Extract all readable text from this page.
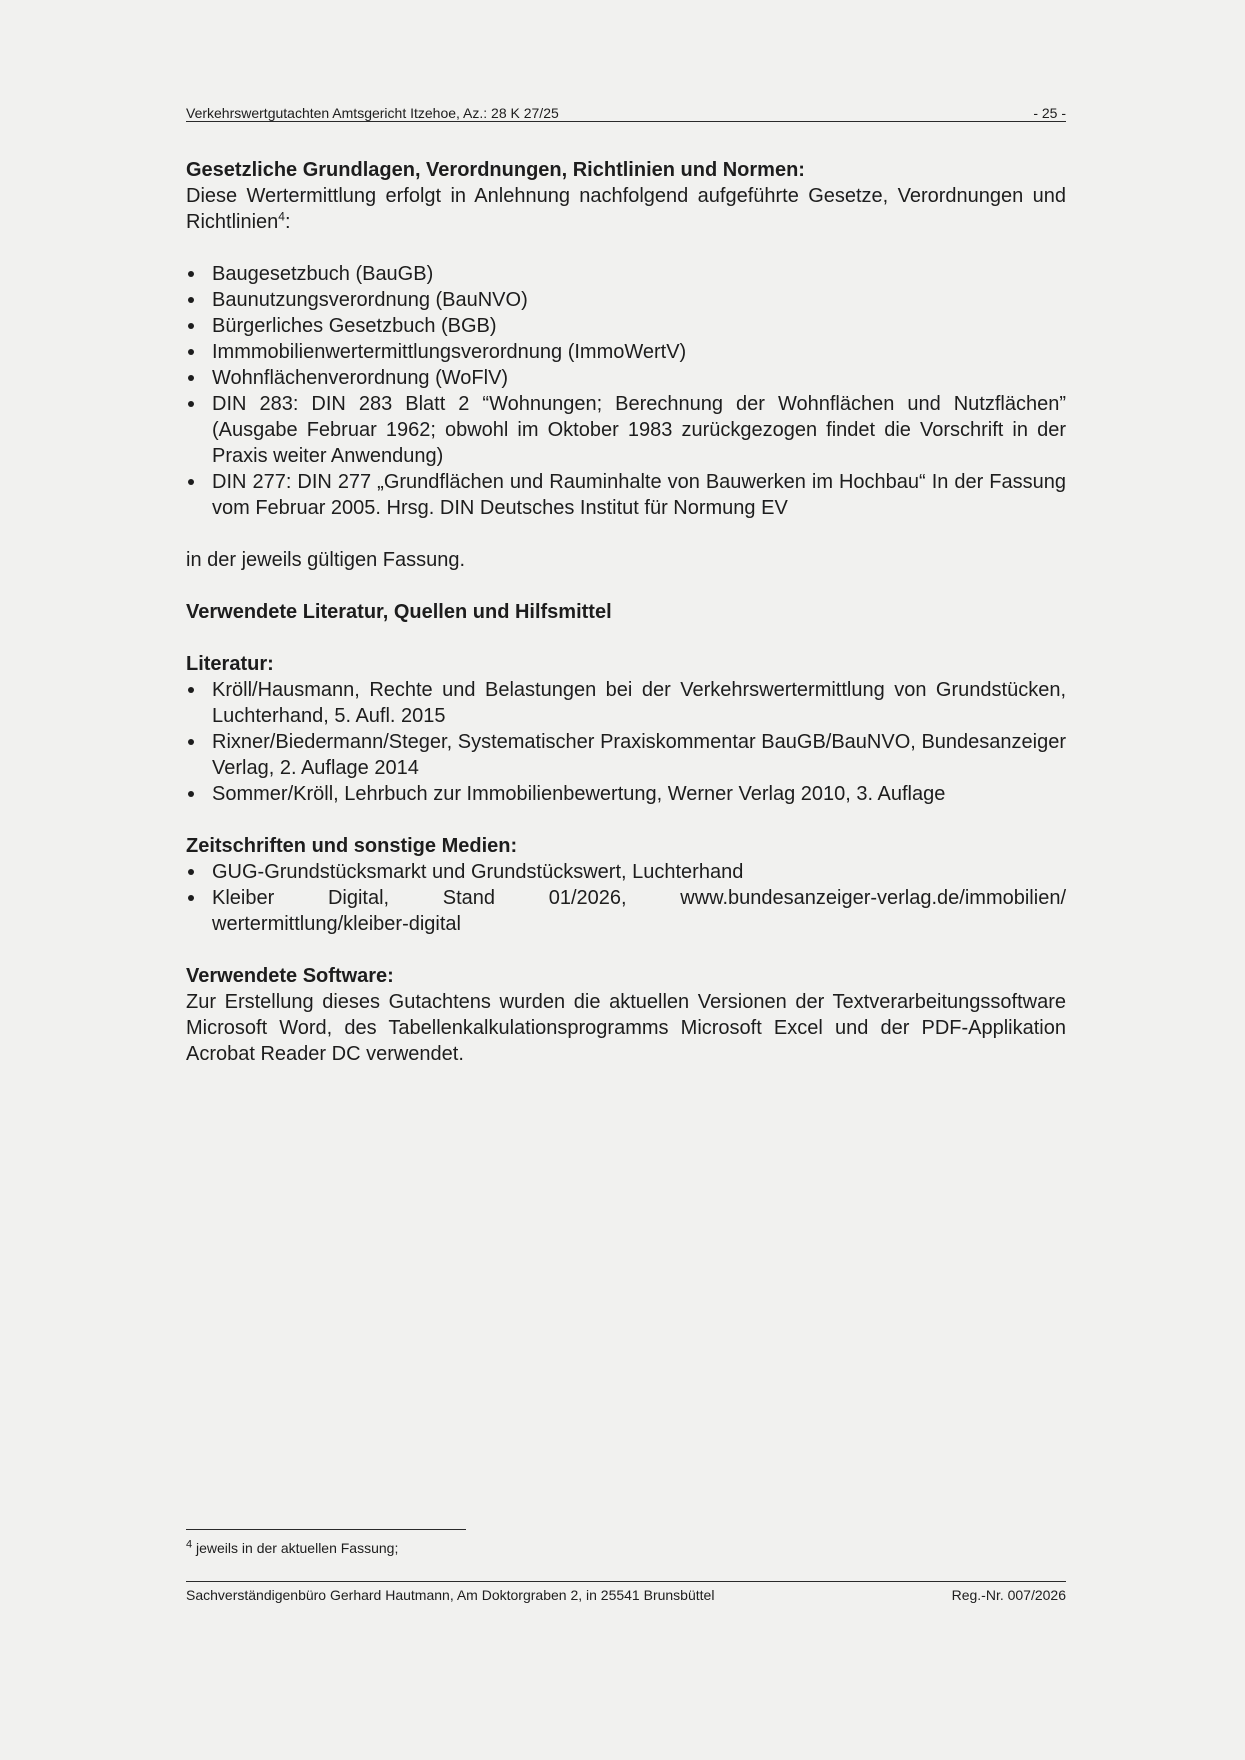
Verkehrswertgutachten Amtsgericht Itzehoe, Az.: 28 K 27/25	- 25 -

Gesetzliche Grundlagen, Verordnungen, Richtlinien und Normen:

Diese Wertermittlung erfolgt in Anlehnung nachfolgend aufgeführte Gesetze, Verordnungen und Richtlinien$^4$:

Baugesetzbuch (BauGB)
Baunutzungsverordnung (BauNVO)
Bürgerliches Gesetzbuch (BGB)
Immmobilienwertermittlungsverordnung (ImmoWertV)
Wohnflächenverordnung (WoFlV)
DIN 283: DIN 283 Blatt 2 “Wohnungen; Berechnung der Wohnflächen und Nutzflächen” (Ausgabe Februar 1962; obwohl im Oktober 1983 zurückgezogen findet die Vorschrift in der Praxis weiter Anwendung)
DIN 277: DIN 277 „Grundflächen und Rauminhalte von Bauwerken im Hochbau“ In der Fassung vom Februar 2005. Hrsg. DIN Deutsches Institut für Normung EV

in der jeweils gültigen Fassung.

Verwendete Literatur, Quellen und Hilfsmittel

Literatur:

Kröll/Hausmann, Rechte und Belastungen bei der Verkehrswertermittlung von Grundstücken, Luchterhand, 5. Aufl. 2015
Rixner/Biedermann/Steger, Systematischer Praxiskommentar BauGB/BauNVO, Bundesanzeiger Verlag, 2. Auflage 2014
Sommer/Kröll, Lehrbuch zur Immobilienbewertung, Werner Verlag 2010, 3. Auflage

Zeitschriften und sonstige Medien:

GUG-Grundstücksmarkt und Grundstückswert, Luchterhand
Kleiber Digital, Stand 01/2026, www.bundesanzeiger-verlag.de/immobilien/ wertermittlung/kleiber-digital

Verwendete Software:

Zur Erstellung dieses Gutachtens wurden die aktuellen Versionen der Textverarbeitungssoftware Microsoft Word, des Tabellenkalkulationsprogramms Microsoft Excel und der PDF-Applikation Acrobat Reader DC verwendet.

$^4$ jeweils in der aktuellen Fassung;
Sachverständigenbüro Gerhard Hautmann, Am Doktorgraben 2, in 25541 Brunsbüttel	Reg.-Nr. 007/2026
